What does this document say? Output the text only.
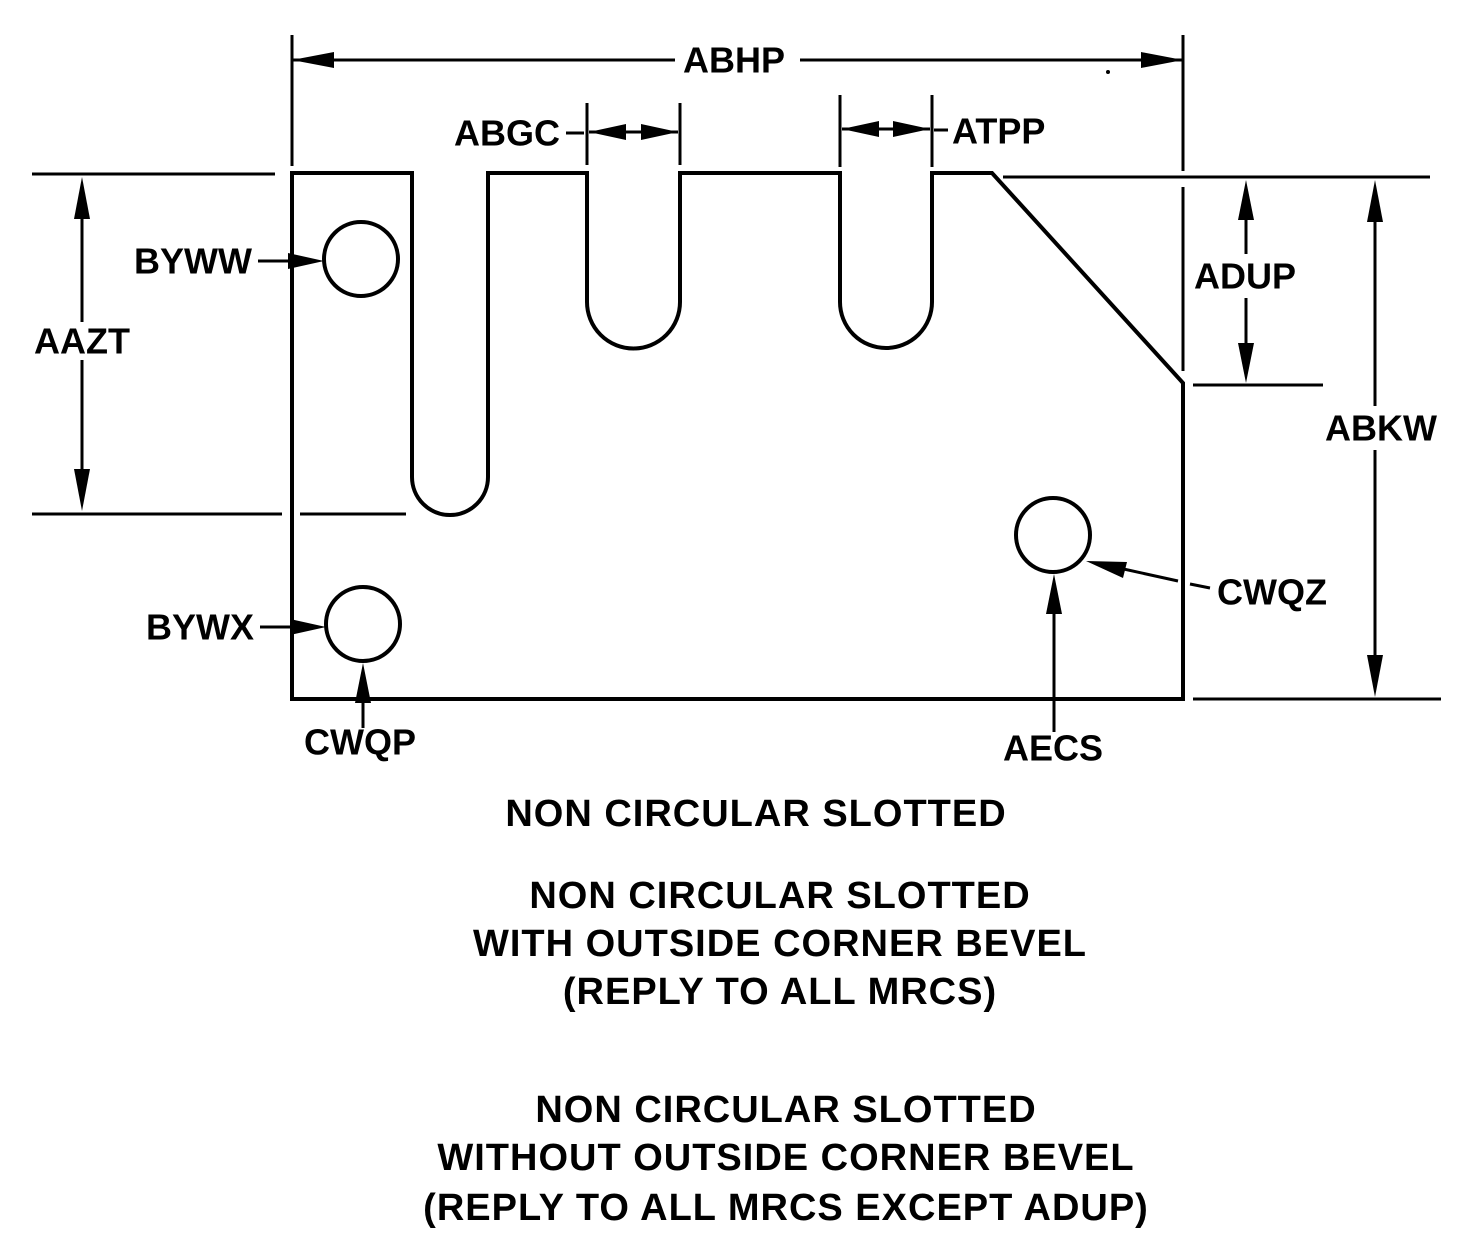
ABHP
ABGC	ATPP
AAZT
ADUP
ABKW
BYWW
BYWX
CWQP	AECS
CWQZ
NON CIRCULAR SLOTTED
NON CIRCULAR SLOTTED
WITH OUTSIDE CORNER BEVEL
(REPLY TO ALL MRCS)
NON CIRCULAR SLOTTED
WITHOUT OUTSIDE CORNER BEVEL
(REPLY TO ALL MRCS EXCEPT ADUP)
